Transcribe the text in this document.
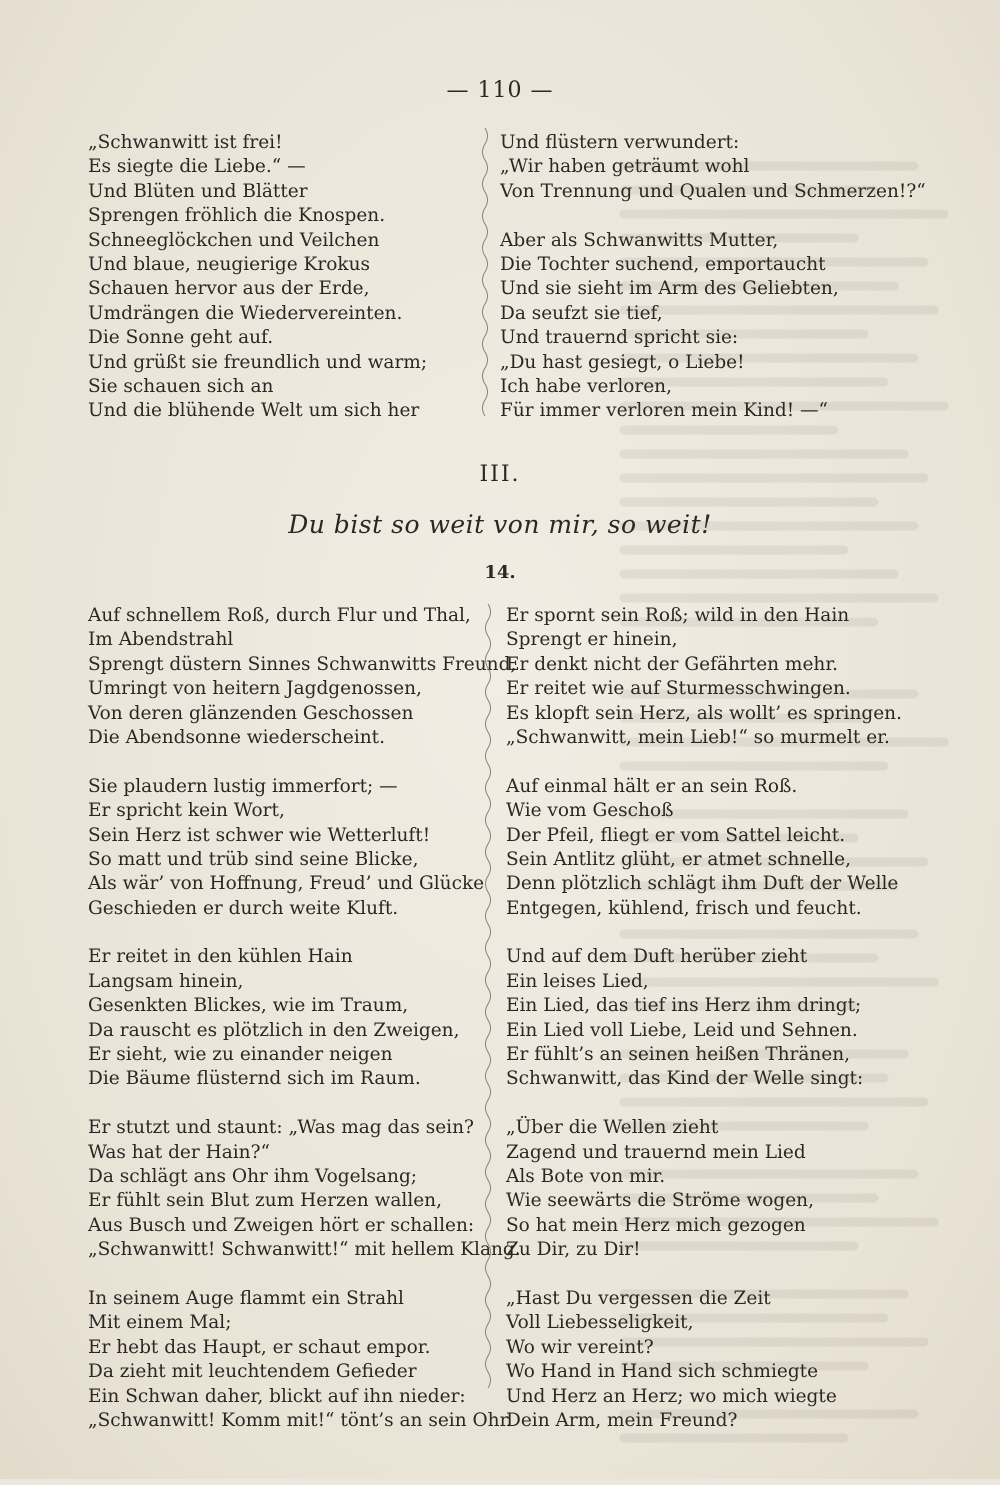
— 110 —
„Schwanwitt ist frei!
Es siegte die Liebe.“ —
Und Blüten und Blätter
Sprengen fröhlich die Knospen.
Schneeglöckchen und Veilchen
Und blaue, neugierige Krokus
Schauen hervor aus der Erde,
Umdrängen die Wiedervereinten.
Die Sonne geht auf.
Und grüßt sie freundlich und warm;
Sie schauen sich an
Und die blühende Welt um sich her
Und flüstern verwundert:
„Wir haben geträumt wohl
Von Trennung und Qualen und Schmerzen!?“
Aber als Schwanwitts Mutter,
Die Tochter suchend, emportaucht
Und sie sieht im Arm des Geliebten,
Da seufzt sie tief,
Und trauernd spricht sie:
„Du hast gesiegt, o Liebe!
Ich habe verloren,
Für immer verloren mein Kind! —“
III.
Du bist so weit von mir, so weit!
14.
Auf schnellem Roß, durch Flur und Thal,
Im Abendstrahl
Sprengt düstern Sinnes Schwanwitts Freund,
Umringt von heitern Jagdgenossen,
Von deren glänzenden Geschossen
Die Abendsonne wiederscheint.
Sie plaudern lustig immerfort; —
Er spricht kein Wort,
Sein Herz ist schwer wie Wetterluft!
So matt und trüb sind seine Blicke,
Als wär’ von Hoffnung, Freud’ und Glücke
Geschieden er durch weite Kluft.
Er reitet in den kühlen Hain
Langsam hinein,
Gesenkten Blickes, wie im Traum,
Da rauscht es plötzlich in den Zweigen,
Er sieht, wie zu einander neigen
Die Bäume flüsternd sich im Raum.
Er stutzt und staunt: „Was mag das sein?
Was hat der Hain?“
Da schlägt ans Ohr ihm Vogelsang;
Er fühlt sein Blut zum Herzen wallen,
Aus Busch und Zweigen hört er schallen:
„Schwanwitt! Schwanwitt!“ mit hellem Klang.
In seinem Auge flammt ein Strahl
Mit einem Mal;
Er hebt das Haupt, er schaut empor.
Da zieht mit leuchtendem Gefieder
Ein Schwan daher, blickt auf ihn nieder:
„Schwanwitt! Komm mit!“ tönt’s an sein Ohr.
Er spornt sein Roß; wild in den Hain
Sprengt er hinein,
Er denkt nicht der Gefährten mehr.
Er reitet wie auf Sturmesschwingen.
Es klopft sein Herz, als wollt’ es springen.
„Schwanwitt, mein Lieb!“ so murmelt er.
Auf einmal hält er an sein Roß.
Wie vom Geschoß
Der Pfeil, fliegt er vom Sattel leicht.
Sein Antlitz glüht, er atmet schnelle,
Denn plötzlich schlägt ihm Duft der Welle
Entgegen, kühlend, frisch und feucht.
Und auf dem Duft herüber zieht
Ein leises Lied,
Ein Lied, das tief ins Herz ihm dringt;
Ein Lied voll Liebe, Leid und Sehnen.
Er fühlt’s an seinen heißen Thränen,
Schwanwitt, das Kind der Welle singt:
„Über die Wellen zieht
Zagend und trauernd mein Lied
Als Bote von mir.
Wie seewärts die Ströme wogen,
So hat mein Herz mich gezogen
Zu Dir, zu Dir!
„Hast Du vergessen die Zeit
Voll Liebesseligkeit,
Wo wir vereint?
Wo Hand in Hand sich schmiegte
Und Herz an Herz; wo mich wiegte
Dein Arm, mein Freund?
